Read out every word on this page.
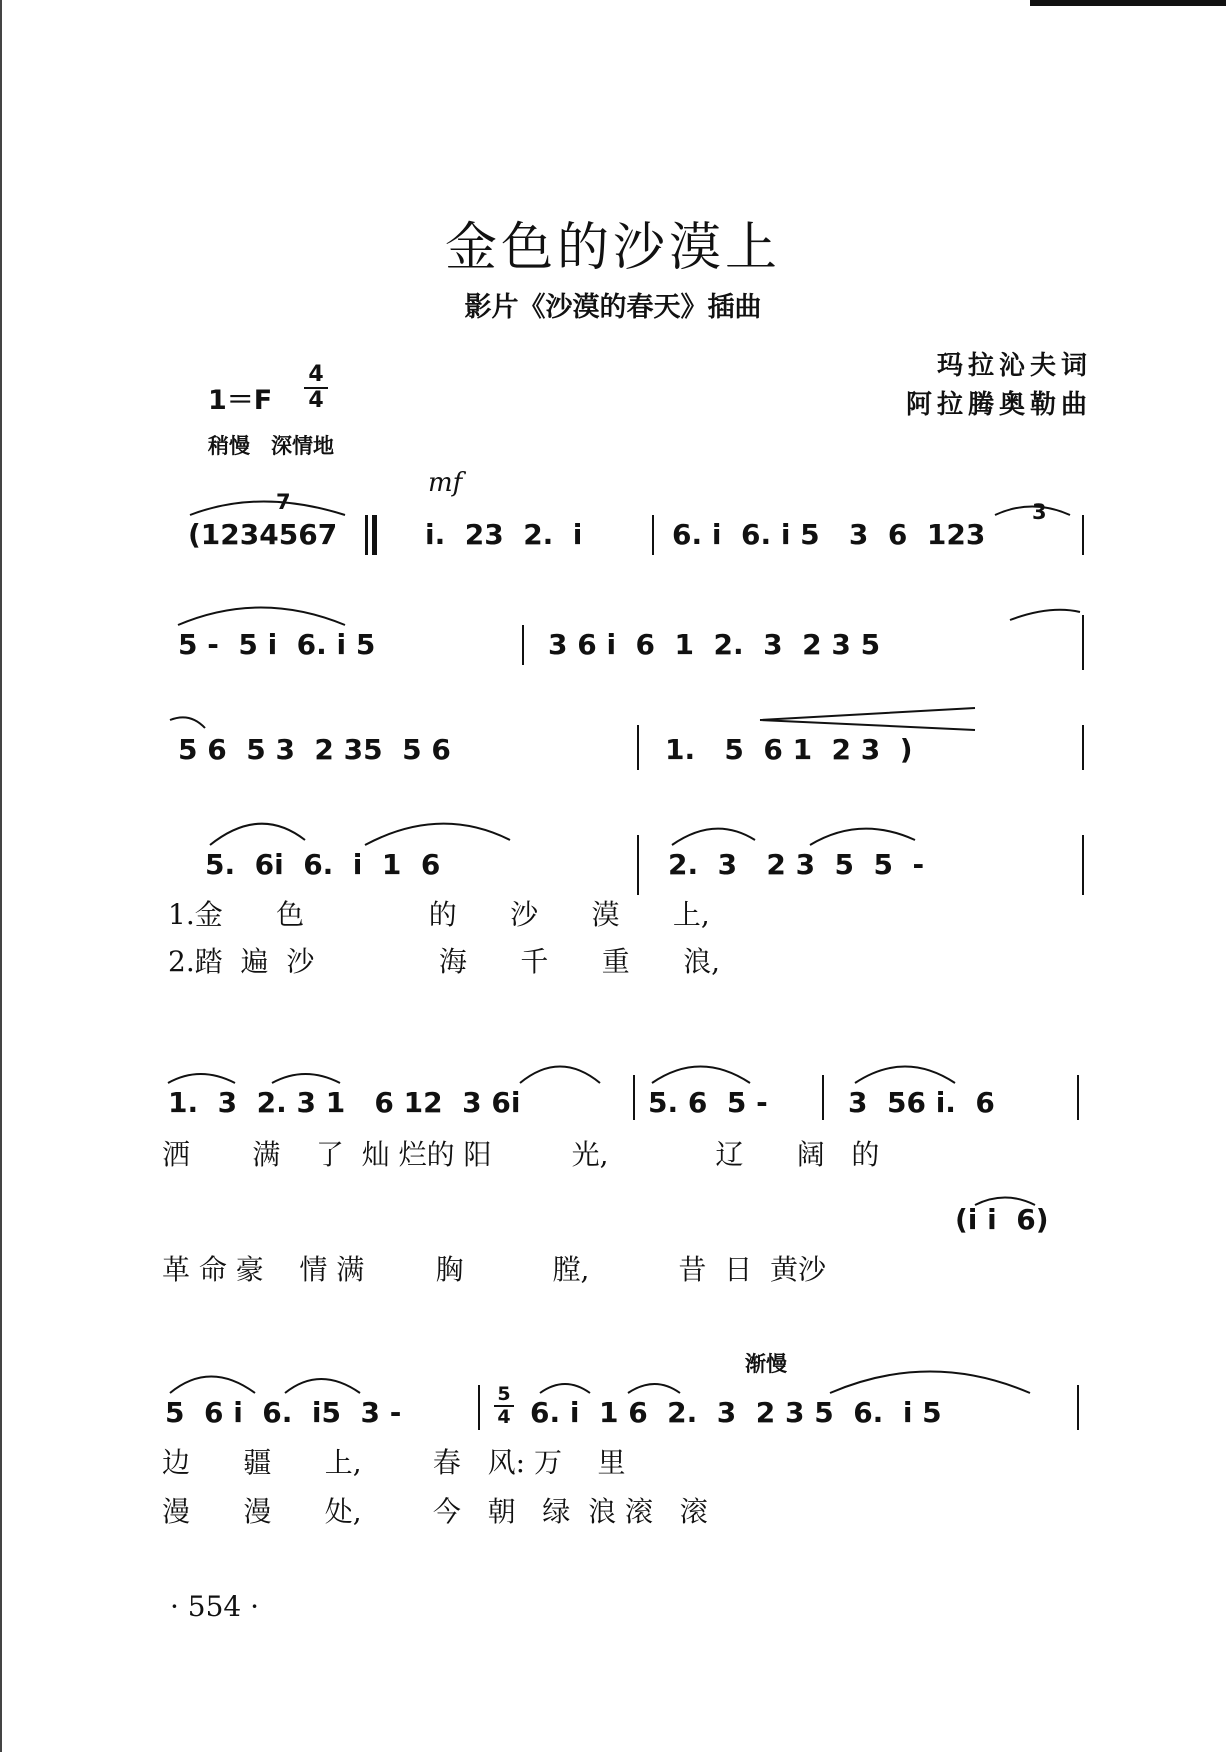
金色的沙漠上
影片《沙漠的春天》插曲
1＝F
4
4
稍慢　深情地
玛拉沁夫词
阿拉腾奥勒曲
mf
7	3
(1234567	i.  23  2.  i	6. i  6. i 5   3  6  123
5 -  5 i  6. i 5	3 6 i  6  1  2.  3  2 3 5
5 6  5 3  2 35  5 6	1.   5  6 1  2 3  )
5.  6i  6.  i  1  6	2.  3   2 3  5  5  -
1.金      色              的      沙      漠      上,
2.踏  遍  沙              海      千      重      浪,
1.  3  2. 3 1   6 12  3 6i	5. 6  5 -	3  56 i.  6
洒       满    了  灿 烂的 阳         光,            辽      阔   的
(i i  6)
革 命 豪    情 满        胸          膛,          昔  日  黄沙
渐慢
5  6 i  6.  i5  3 -
5
4 6. i  1 6  2.  3  2 3 5  6.  i 5
边      疆      上,        春   风: 万    里
漫      漫      处,        今   朝   绿  浪 滚   滚
· 554 ·
